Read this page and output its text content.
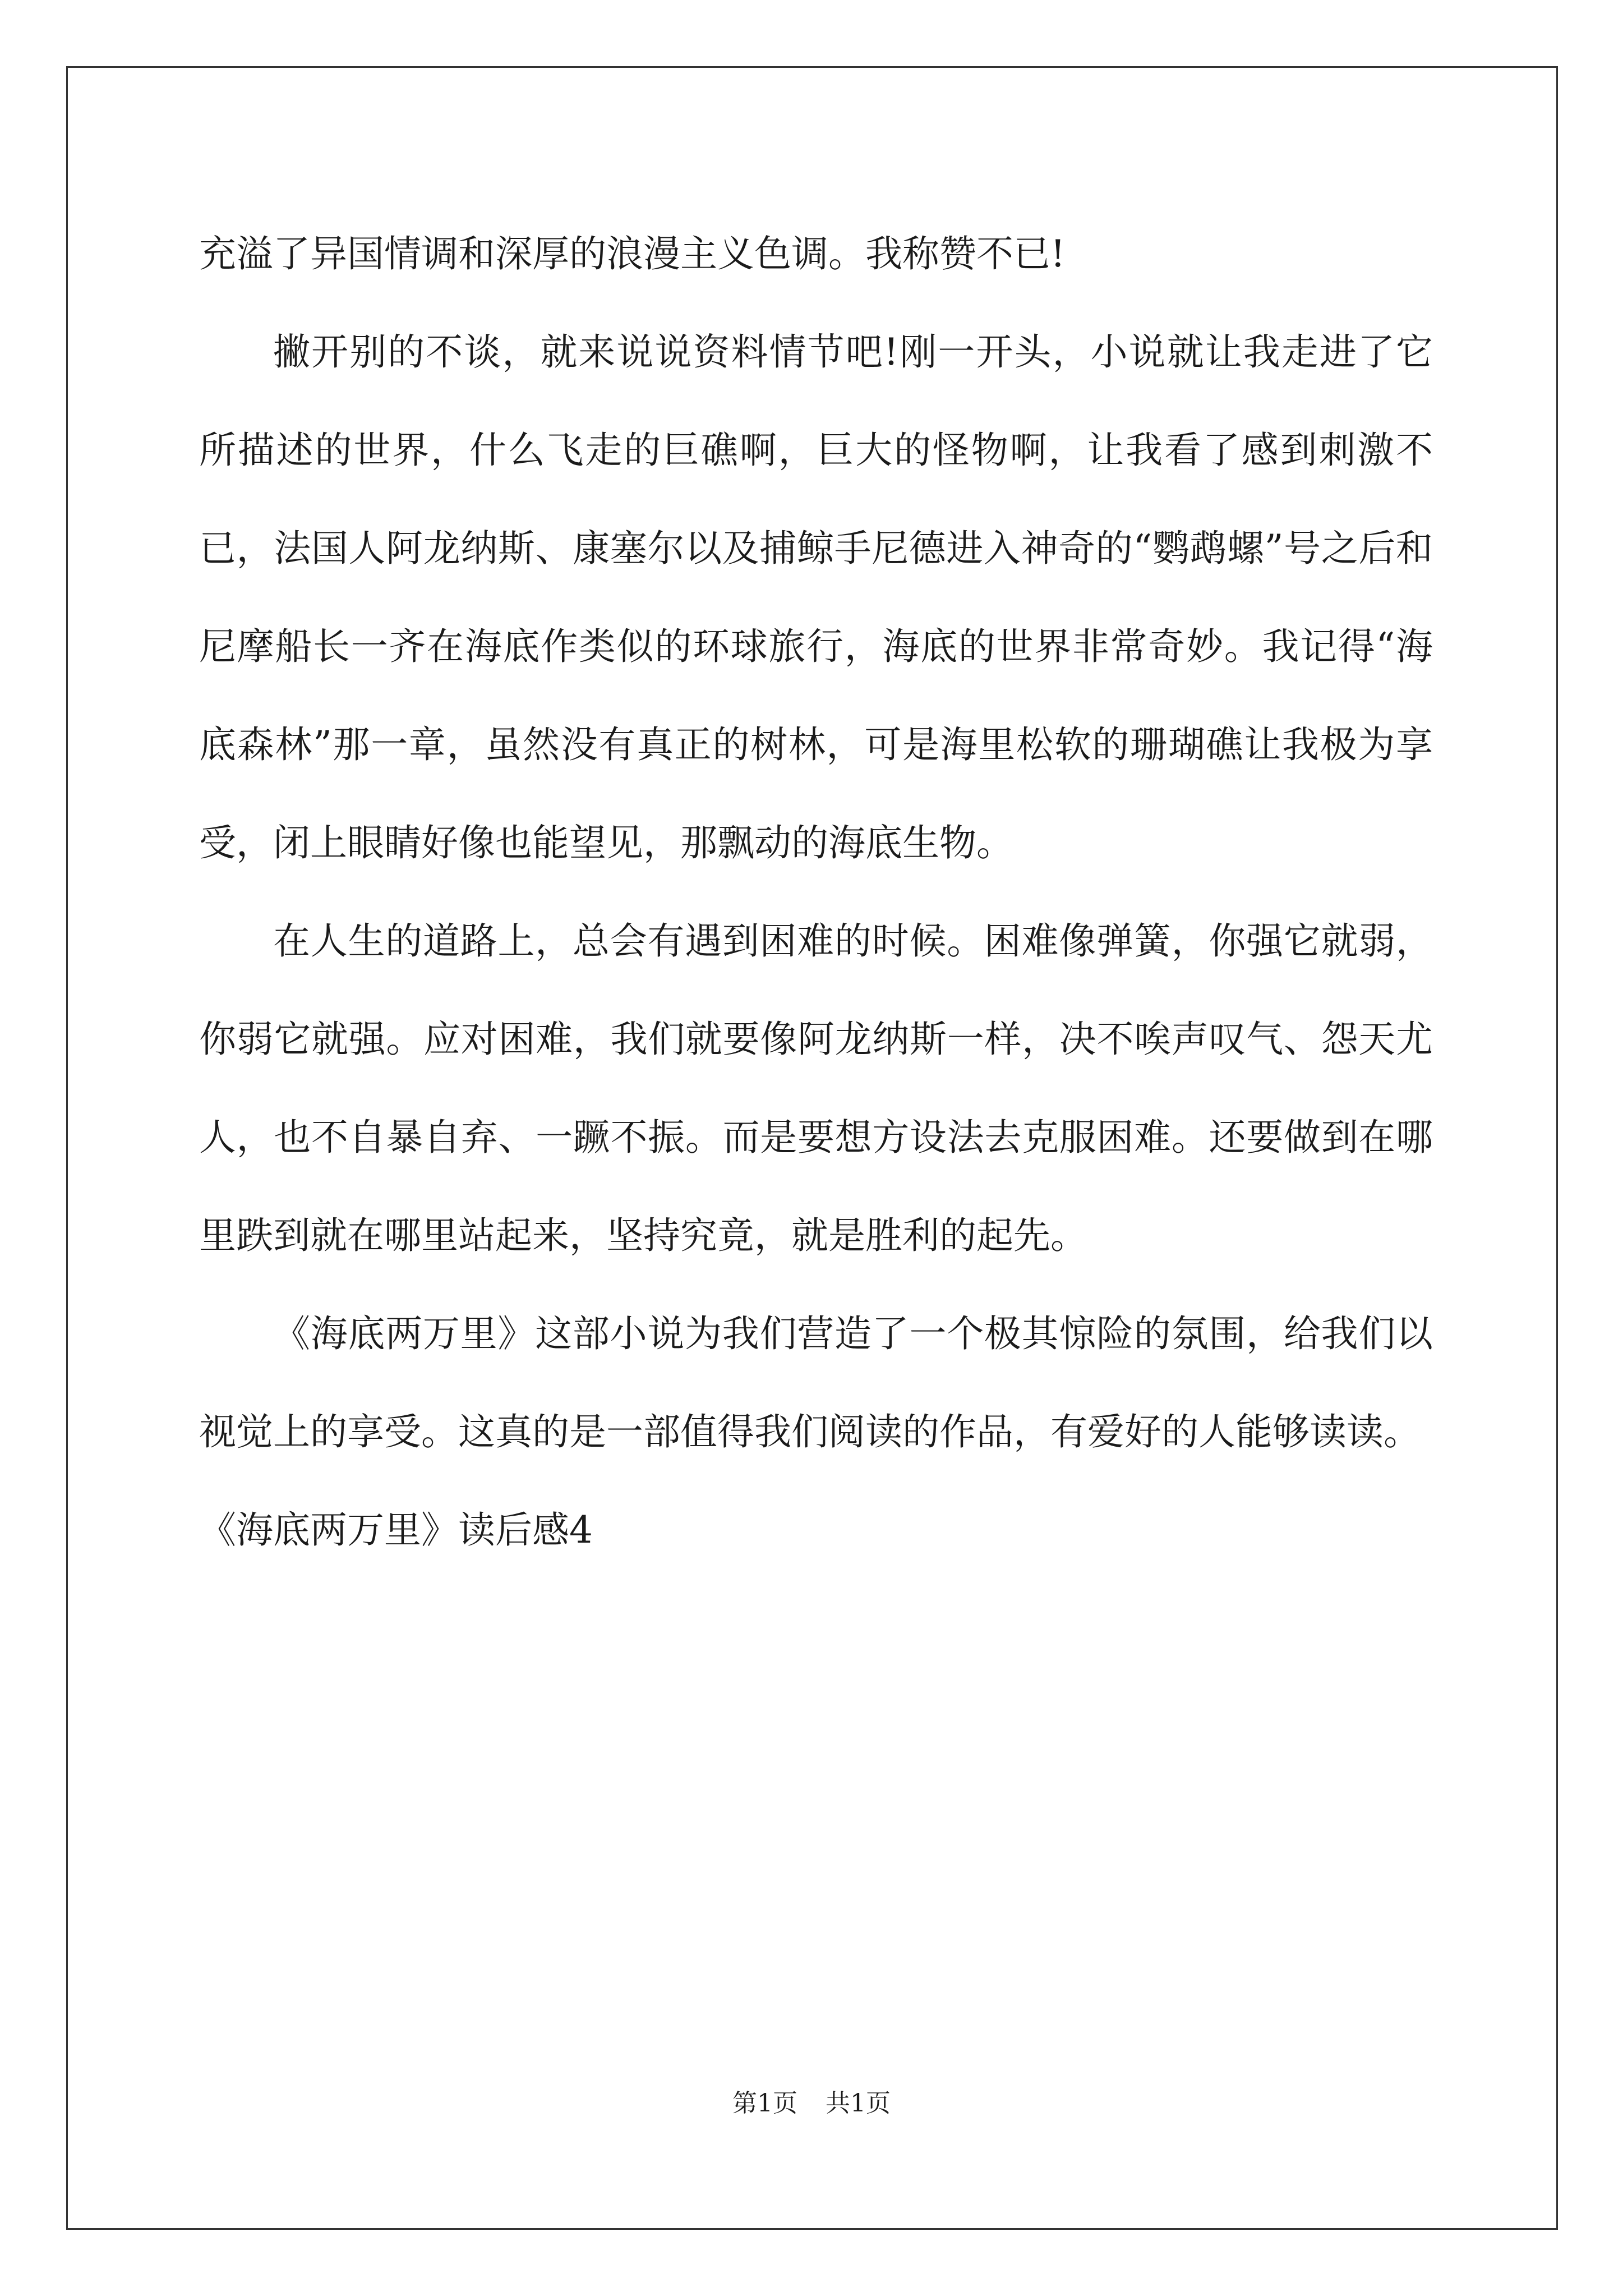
充溢了异国情调和深厚的浪漫主义色调。我称赞不已!

撇开别的不谈，就来说说资料情节吧!刚一开头，小说就让我走进了它所描述的世界，什么飞走的巨礁啊，巨大的怪物啊，让我看了感到刺激不已，法国人阿龙纳斯、康塞尔以及捕鲸手尼德进入神奇的“鹦鹉螺”号之后和尼摩船长一齐在海底作类似的环球旅行，海底的世界非常奇妙。我记得“海底森林”那一章，虽然没有真正的树林，可是海里松软的珊瑚礁让我极为享受，闭上眼睛好像也能望见，那飘动的海底生物。

在人生的道路上，总会有遇到困难的时候。困难像弹簧，你强它就弱，你弱它就强。应对困难，我们就要像阿龙纳斯一样，决不唉声叹气、怨天尤人，也不自暴自弃、一蹶不振。而是要想方设法去克服困难。还要做到在哪里跌到就在哪里站起来，坚持究竟，就是胜利的起先。

《海底两万里》这部小说为我们营造了一个极其惊险的氛围，给我们以视觉上的享受。这真的是一部值得我们阅读的作品，有爱好的人能够读读。

《海底两万里》读后感4

第1页 共1页
